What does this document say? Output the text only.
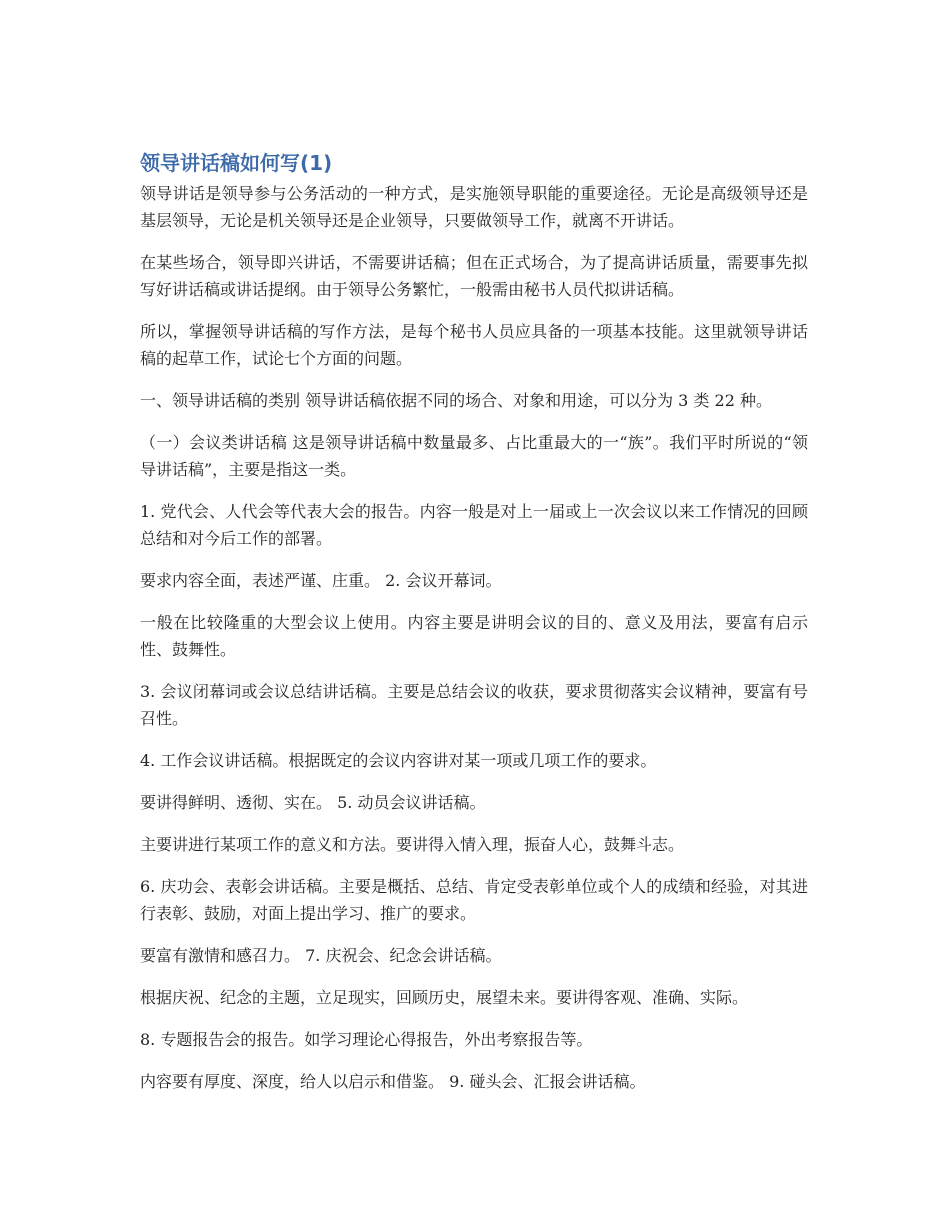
领导讲话稿如何写(1)

领导讲话是领导参与公务活动的一种方式，是实施领导职能的重要途径。无论是高级领导还是基层领导，无论是机关领导还是企业领导，只要做领导工作，就离不开讲话。

在某些场合，领导即兴讲话，不需要讲话稿；但在正式场合，为了提高讲话质量，需要事先拟写好讲话稿或讲话提纲。由于领导公务繁忙，一般需由秘书人员代拟讲话稿。

所以，掌握领导讲话稿的写作方法，是每个秘书人员应具备的一项基本技能。这里就领导讲话稿的起草工作，试论七个方面的问题。

一、领导讲话稿的类别 领导讲话稿依据不同的场合、对象和用途，可以分为 3 类 22 种。

（一）会议类讲话稿 这是领导讲话稿中数量最多、占比重最大的一“族”。我们平时所说的“领导讲话稿”，主要是指这一类。

1. 党代会、人代会等代表大会的报告。内容一般是对上一届或上一次会议以来工作情况的回顾总结和对今后工作的部署。

要求内容全面，表述严谨、庄重。 2. 会议开幕词。

一般在比较隆重的大型会议上使用。内容主要是讲明会议的目的、意义及用法，要富有启示性、鼓舞性。

3. 会议闭幕词或会议总结讲话稿。主要是总结会议的收获，要求贯彻落实会议精神，要富有号召性。

4. 工作会议讲话稿。根据既定的会议内容讲对某一项或几项工作的要求。

要讲得鲜明、透彻、实在。 5. 动员会议讲话稿。

主要讲进行某项工作的意义和方法。要讲得入情入理，振奋人心，鼓舞斗志。

6. 庆功会、表彰会讲话稿。主要是概括、总结、肯定受表彰单位或个人的成绩和经验，对其进行表彰、鼓励，对面上提出学习、推广的要求。

要富有激情和感召力。 7. 庆祝会、纪念会讲话稿。

根据庆祝、纪念的主题，立足现实，回顾历史，展望未来。要讲得客观、准确、实际。

8. 专题报告会的报告。如学习理论心得报告，外出考察报告等。

内容要有厚度、深度，给人以启示和借鉴。 9. 碰头会、汇报会讲话稿。
